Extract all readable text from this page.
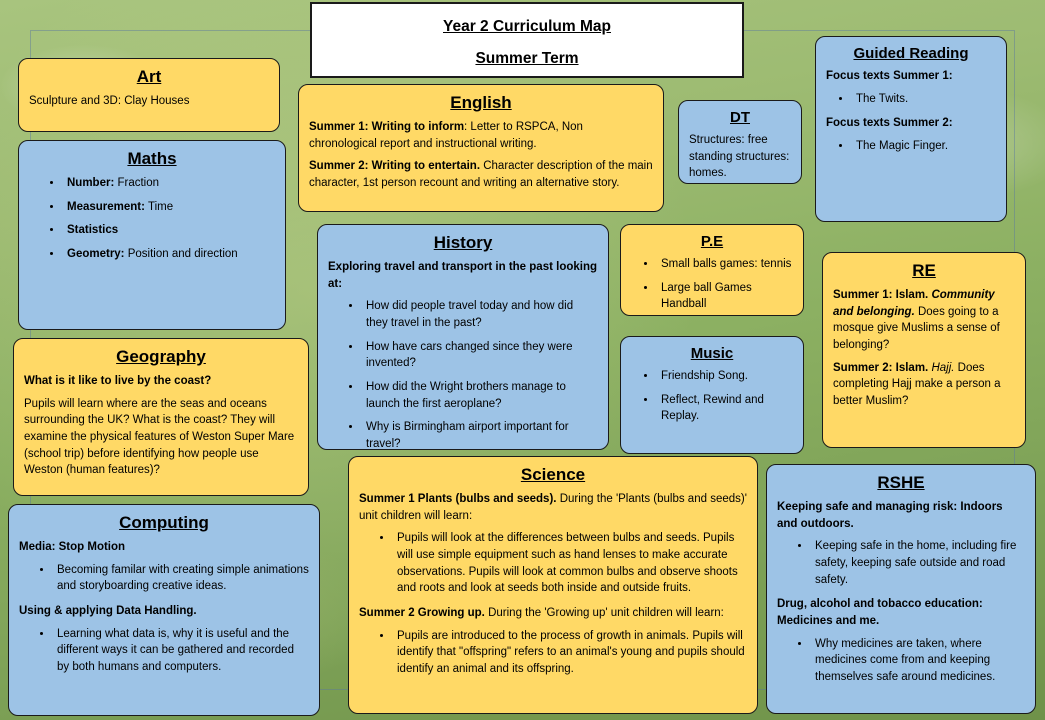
Year 2 Curriculum Map
Summer Term
Art

Sculpture and 3D: Clay Houses

Maths
• Number: Fraction
• Measurement: Time
• Statistics
• Geometry: Position and direction
Geography

What is it like to live by the coast?

Pupils will learn where are the seas and oceans surrounding the UK? What is the coast? They will examine the physical features of Weston Super Mare (school trip) before identifying how people use Weston (human features)?

Computing

Media: Stop Motion

• Becoming familar with creating simple animations and storyboarding creative ideas.

Using & applying Data Handling.

• Learning what data is, why it is useful and the different ways it can be gathered and recorded by both humans and computers.
English

Summer 1: Writing to inform: Letter to RSPCA, Non chronological report and instructional writing.

Summer 2: Writing to entertain. Character description of the main character, 1st person recount and writing an alternative story.

History

Exploring travel and transport in the past looking at:

• How did people travel today and how did they travel in the past?
• How have cars changed since they were invented?
• How did the Wright brothers manage to launch the first aeroplane?
• Why is Birmingham airport important for travel?
Science

Summer 1 Plants (bulbs and seeds). During the 'Plants (bulbs and seeds)' unit children will learn:

• Pupils will look at the differences between bulbs and seeds. Pupils will use simple equipment such as hand lenses to make accurate observations. Pupils will look at common bulbs and observe shoots and roots and look at seeds both inside and outside fruits.

Summer 2 Growing up. During the 'Growing up' unit children will learn:

• Pupils are introduced to the process of growth in animals. Pupils will identify that "offspring" refers to an animal's young and pupils should identify an animal and its offspring.
DT

Structures: free standing structures: homes.

P.E
• Small balls games: tennis
• Large ball Games Handball
Music
• Friendship Song.
• Reflect, Rewind and Replay.
Guided Reading

Focus texts Summer 1:

• The Twits.

Focus texts Summer 2:

• The Magic Finger.
RE

Summer 1: Islam. Community and belonging. Does going to a mosque give Muslims a sense of belonging?

Summer 2: Islam. Hajj. Does completing Hajj make a person a better Muslim?

RSHE

Keeping safe and managing risk: Indoors and outdoors.

• Keeping safe in the home, including fire safety, keeping safe outside and road safety.

Drug, alcohol and tobacco education: Medicines and me.

• Why medicines are taken, where medicines come from and keeping themselves safe around medicines.
